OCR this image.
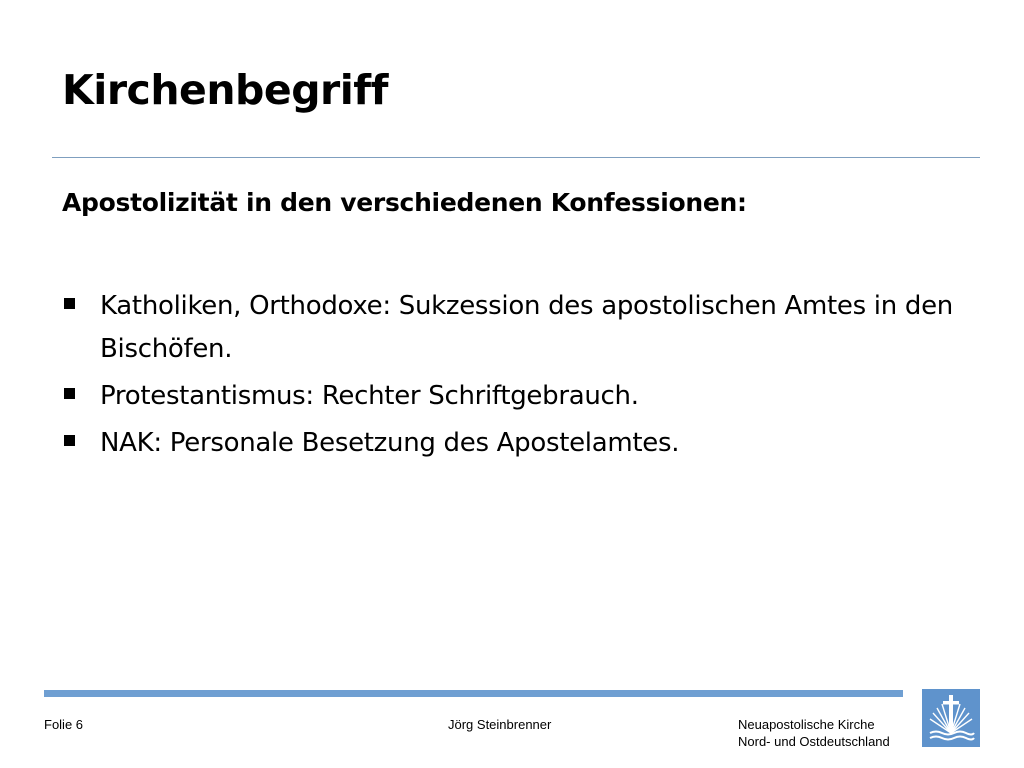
Kirchenbegriff
Apostolizität in den verschiedenen Konfessionen:
Katholiken, Orthodoxe: Sukzession des apostolischen Amtes in den Bischöfen.
Protestantismus: Rechter Schriftgebrauch.
NAK: Personale Besetzung des Apostelamtes.
Folie 6	Jörg Steinbrenner	Neuapostolische Kirche
Nord- und Ostdeutschland
